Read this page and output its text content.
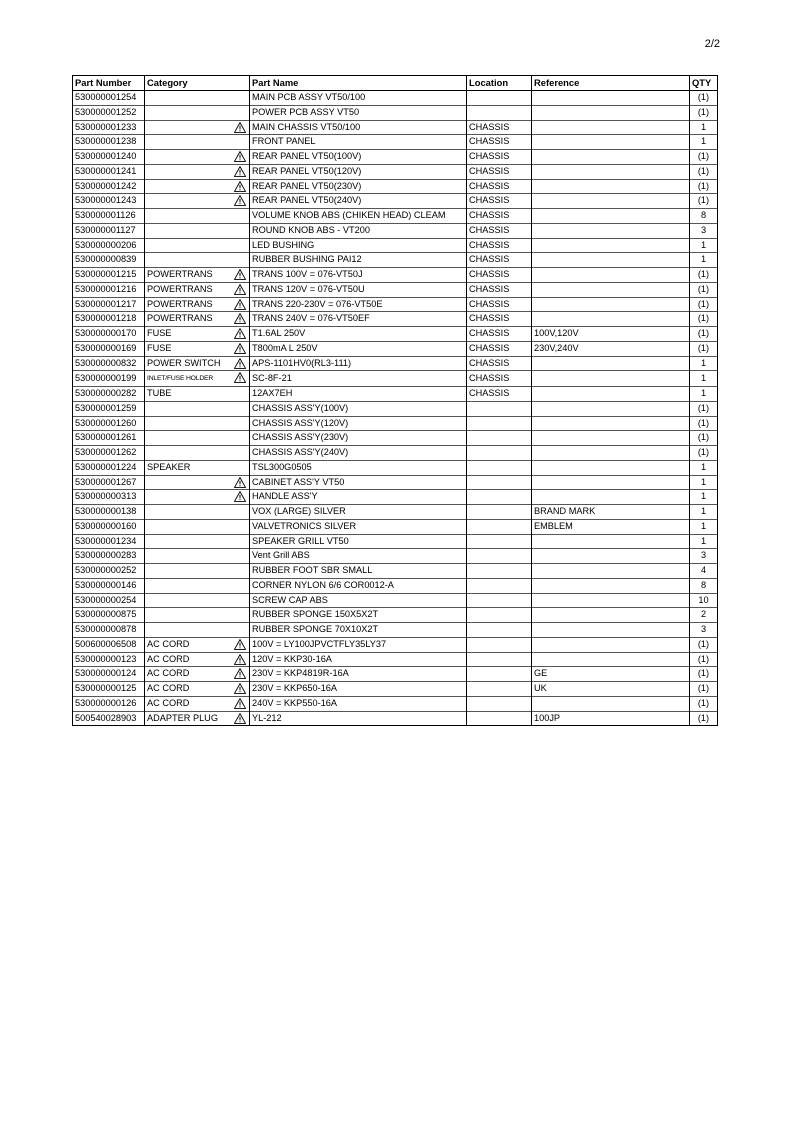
2/2
Part Number	Category	Part Name	Location	Reference	QTY
530000001254		MAIN PCB ASSY VT50/100			(1)
530000001252		POWER PCB ASSY VT50			(1)
530000001233		MAIN CHASSIS VT50/100	CHASSIS		1
530000001238		FRONT PANEL	CHASSIS		1
530000001240		REAR PANEL VT50(100V)	CHASSIS		(1)
530000001241		REAR PANEL VT50(120V)	CHASSIS		(1)
530000001242		REAR PANEL VT50(230V)	CHASSIS		(1)
530000001243		REAR PANEL VT50(240V)	CHASSIS		(1)
530000001126		VOLUME KNOB ABS (CHIKEN HEAD) CLEAM	CHASSIS		8
530000001127		ROUND KNOB ABS - VT200	CHASSIS		3
530000000206		LED BUSHING	CHASSIS		1
530000000839		RUBBER BUSHING PAI12	CHASSIS		1
530000001215	POWERTRANS	TRANS 100V = 076-VT50J	CHASSIS		(1)
530000001216	POWERTRANS	TRANS 120V = 076-VT50U	CHASSIS		(1)
530000001217	POWERTRANS	TRANS 220-230V = 076-VT50E	CHASSIS		(1)
530000001218	POWERTRANS	TRANS 240V = 076-VT50EF	CHASSIS		(1)
530000000170	FUSE	T1.6AL 250V	CHASSIS	100V,120V	(1)
530000000169	FUSE	T800mA L 250V	CHASSIS	230V,240V	(1)
530000000832	POWER SWITCH	APS-1101HV0(RL3-111)	CHASSIS		1
530000000199	INLET/FUSE HOLDER	SC-8F-21	CHASSIS		1
530000000282	TUBE	12AX7EH	CHASSIS		1
530000001259		CHASSIS ASS'Y(100V)			(1)
530000001260		CHASSIS ASS'Y(120V)			(1)
530000001261		CHASSIS ASS'Y(230V)			(1)
530000001262		CHASSIS ASS'Y(240V)			(1)
530000001224	SPEAKER	TSL300G0505			1
530000001267		CABINET ASS'Y VT50			1
530000000313		HANDLE ASS'Y			1
530000000138		VOX (LARGE) SILVER		BRAND MARK	1
530000000160		VALVETRONICS SILVER		EMBLEM	1
530000001234		SPEAKER GRILL VT50			1
530000000283		Vent Grill ABS			3
530000000252		RUBBER FOOT SBR SMALL			4
530000000146		CORNER NYLON 6/6 COR0012-A			8
530000000254		SCREW CAP ABS			10
530000000875		RUBBER SPONGE 150X5X2T			2
530000000878		RUBBER SPONGE 70X10X2T			3
500600006508	AC CORD	100V = LY100JPVCTFLY35LY37			(1)
530000000123	AC CORD	120V = KKP30-16A			(1)
530000000124	AC CORD	230V = KKP4819R-16A		GE	(1)
530000000125	AC CORD	230V = KKP650-16A		UK	(1)
530000000126	AC CORD	240V = KKP550-16A			(1)
500540028903	ADAPTER PLUG	YL-212		100JP	(1)
